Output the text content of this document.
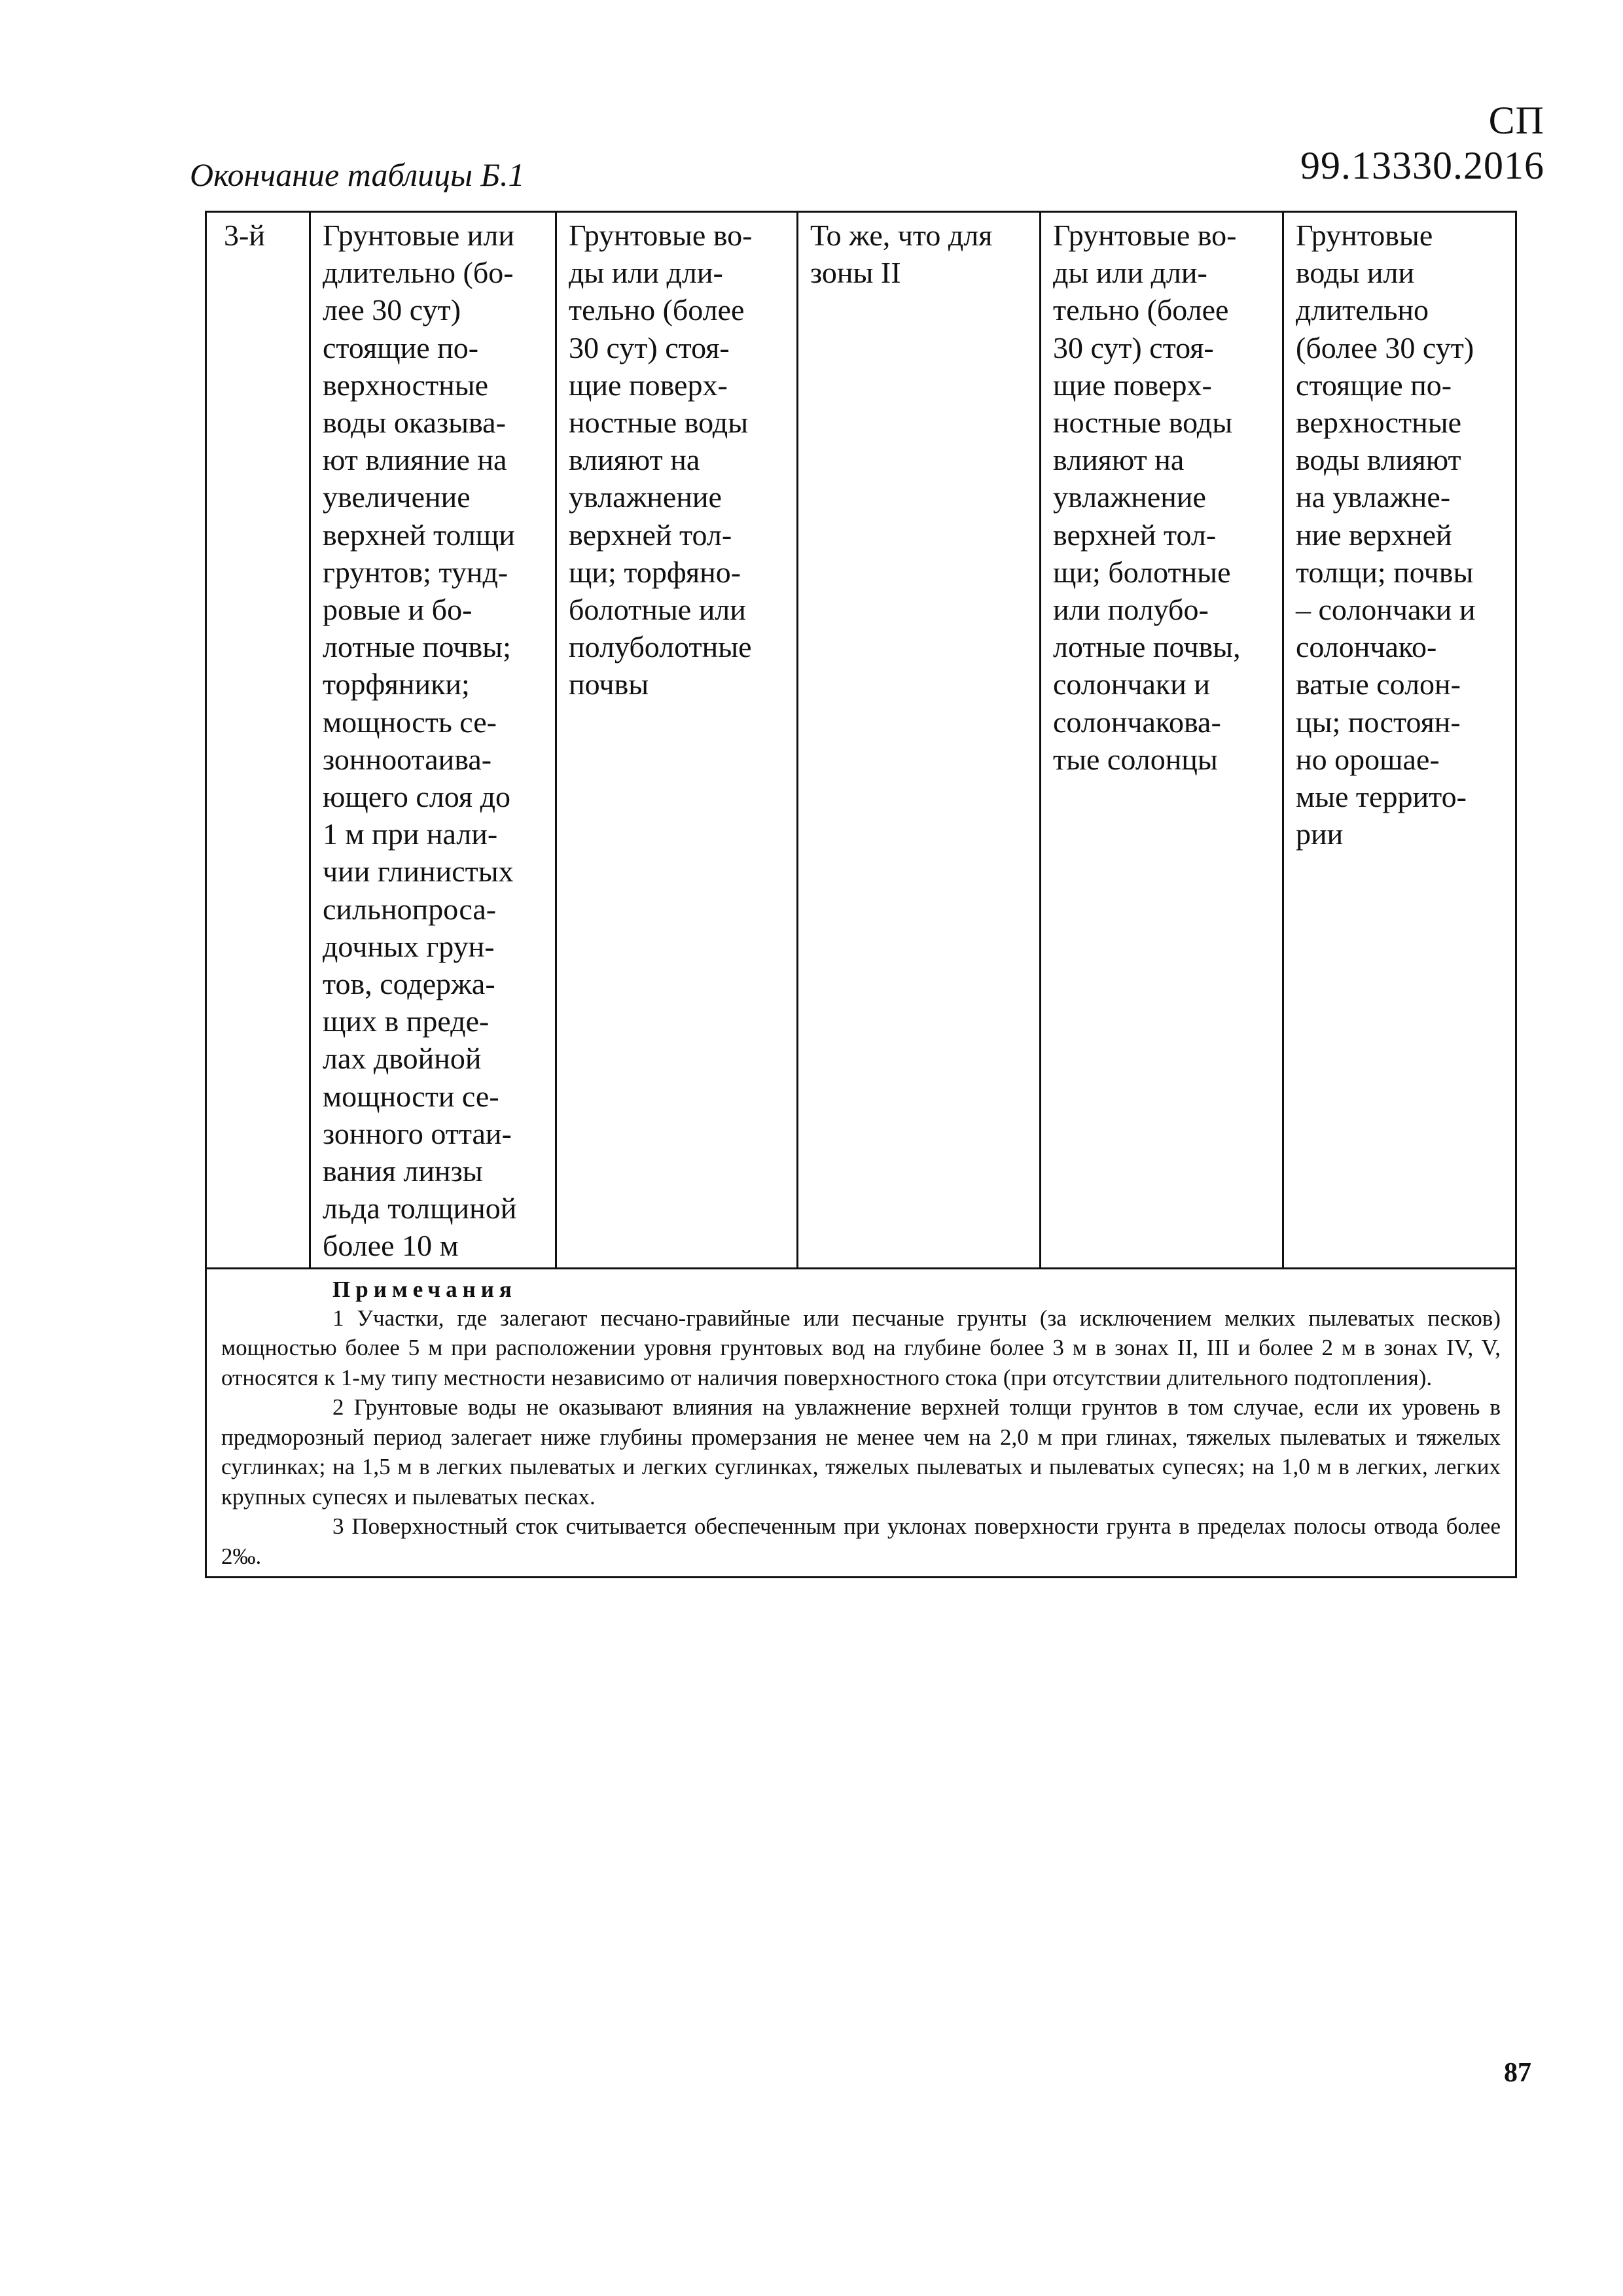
СП 99.13330.2016
Окончание таблицы Б.1
3-й	Грунтовые или
длительно (бо-
лее 30 сут)
стоящие по-
верхностные
воды оказыва-
ют влияние на
увеличение
верхней толщи
грунтов; тунд-
ровые и бо-
лотные почвы;
торфяники;
мощность се-
зонноотаива-
ющего слоя до
1 м при нали-
чии глинистых
сильнопроса-
дочных грун-
тов, содержа-
щих в преде-
лах двойной
мощности се-
зонного оттаи-
вания линзы
льда толщиной
более 10 м

Грунтовые во-
ды или дли-
тельно (более
30 сут) стоя-
щие поверх-
ностные воды
влияют на
увлажнение
верхней тол-
щи; торфяно-
болотные или
полуболотные
почвы

То же, что для
зоны II

Грунтовые во-
ды или дли-
тельно (более
30 сут) стоя-
щие поверх-
ностные воды
влияют на
увлажнение
верхней тол-
щи; болотные
или полубо-
лотные почвы,
солончаки и
солончакова-
тые солонцы

Грунтовые
воды или
длительно
(более 30 сут)
стоящие по-
верхностные
воды влияют
на увлажне-
ние верхней
толщи; почвы
– солончаки и
солончако-
ватые солон-
цы; постоян-
но орошае-
мые террито-
рии

Примечания

1 Участки, где залегают песчано-гравийные или песчаные грунты (за исключением мелких пылеватых песков) мощностью более 5 м при расположении уровня грунтовых вод на глубине более 3 м в зонах II, III и более 2 м в зонах IV, V, относятся к 1-му типу местности независимо от наличия поверхностного стока (при отсутствии длительного подтопления).

2 Грунтовые воды не оказывают влияния на увлажнение верхней толщи грунтов в том случае, если их уровень в предморозный период залегает ниже глубины промерзания не менее чем на 2,0 м при глинах, тяжелых пылеватых и тяжелых суглинках; на 1,5 м в легких пылеватых и легких суглинках, тяжелых пылеватых и пылеватых супесях; на 1,0 м в легких, легких крупных супесях и пылеватых песках.

3 Поверхностный сток считывается обеспеченным при уклонах поверхности грунта в пределах полосы отвода более 2‰.

87
